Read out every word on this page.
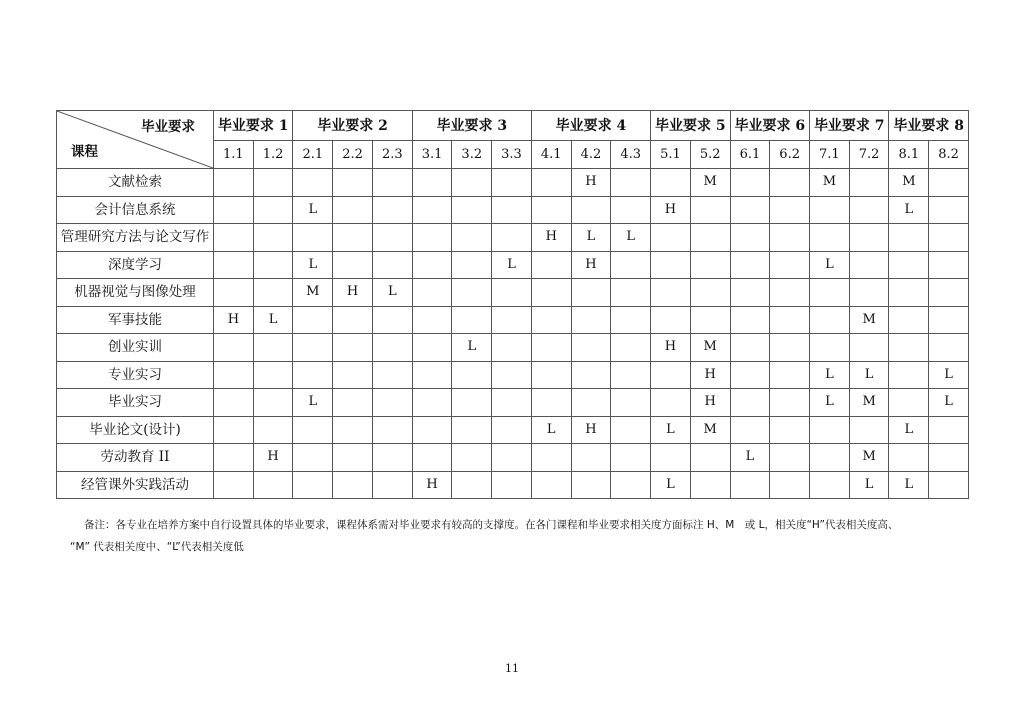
毕业要求
课程	毕业要求 1		毕业要求 2			毕业要求 3			毕业要求 4			毕业要求 5		毕业要求 6		毕业要求 7		毕业要求 8	
	1.1	1.2	2.1	2.2	2.3	3.1	3.2	3.3	4.1	4.2	4.3	5.1	5.2	6.1	6.2	7.1	7.2	8.1	8.2
文献检索										H			M			M		M	
会计信息系统			L									H						L	
管理研究方法与论文写作									H	L	L								
深度学习			L					L		H						L			
机器视觉与图像处理			M	H	L														
军事技能	H	L															M		
创业实训							L					H	M						
专业实习													H			L	L		L
毕业实习			L										H			L	M		L
毕业论文(设计)									L	H		L	M					L	
劳动教育 II		H												L			M		
经管课外实践活动						H						L					L	L	
备注：各专业在培养方案中自行设置具体的毕业要求，课程体系需对毕业要求有较高的支撑度。在各门课程和毕业要求相关度方面标注 H、M　或 L，相关度“H”代表相关度高、
“M” 代表相关度中、“L”代表相关度低
11
